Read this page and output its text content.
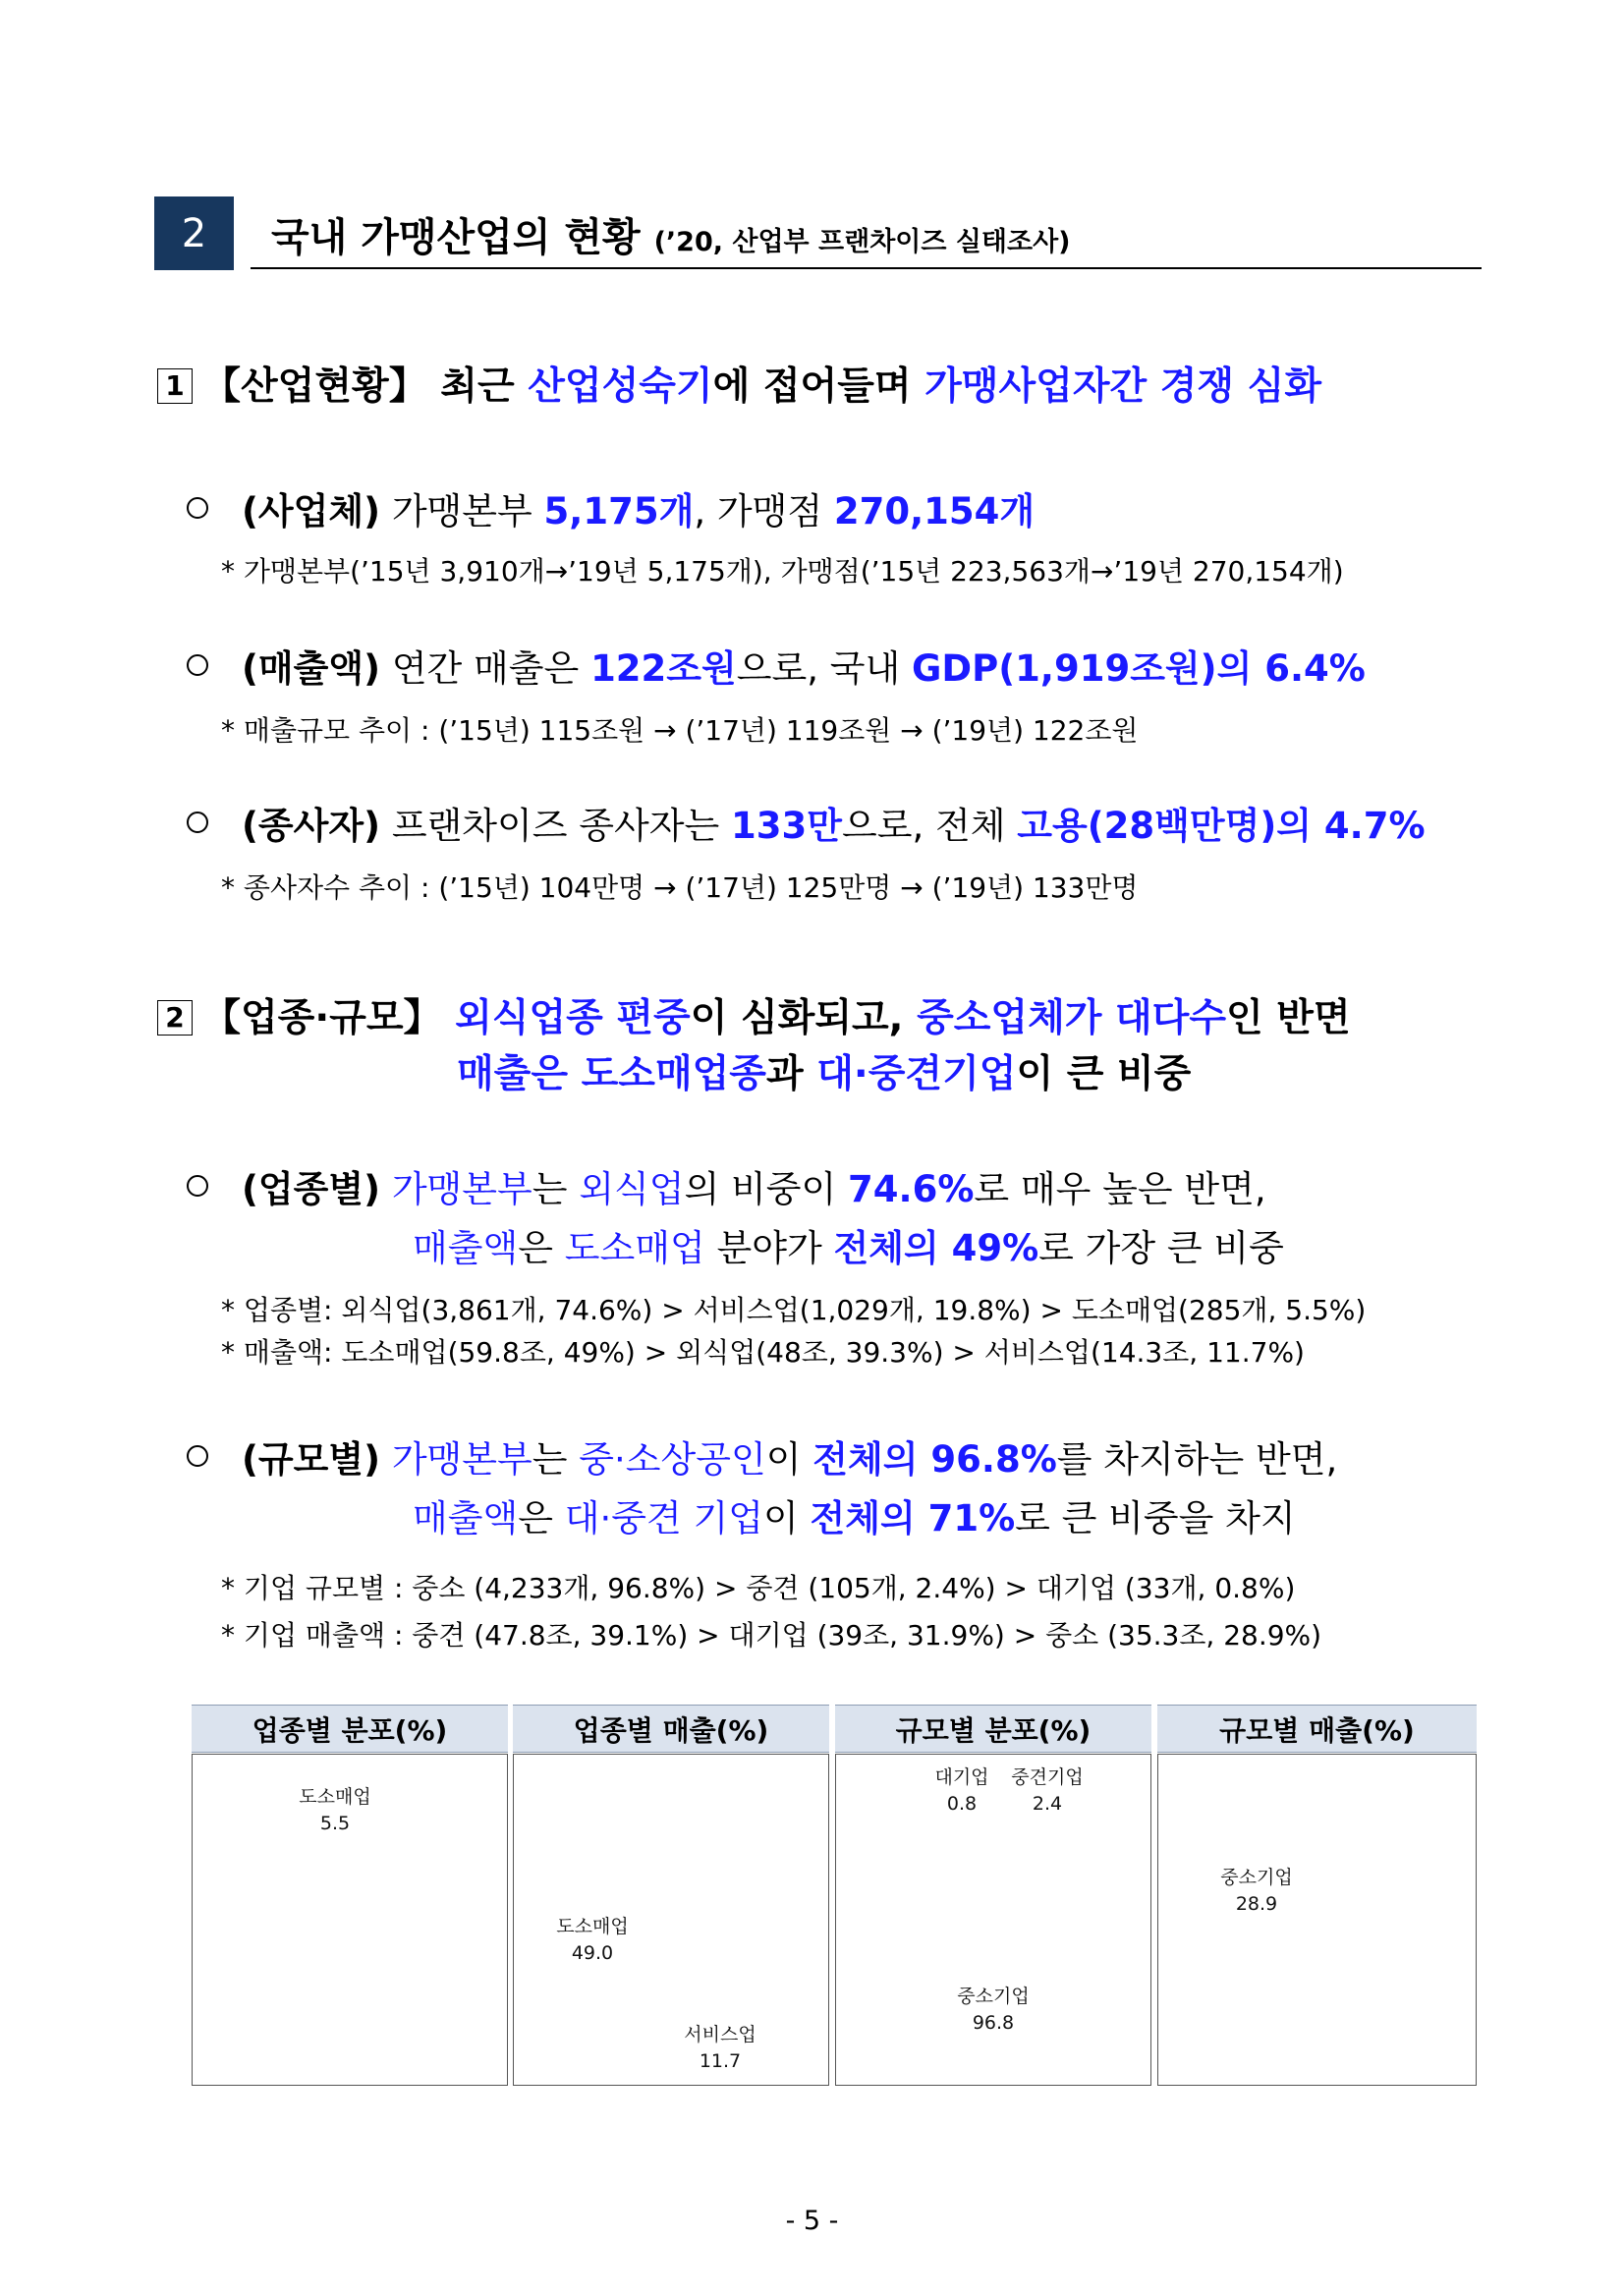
2 국내 가맹산업의 현황 (’20, 산업부 프랜차이즈 실태조사)
1 【산업현황】 최근 산업성숙기에 접어들며 가맹사업자간 경쟁 심화
(사업체) 가맹본부 5,175개, 가맹점 270,154개
* 가맹본부(’15년 3,910개→’19년 5,175개), 가맹점(’15년 223,563개→’19년 270,154개)
(매출액) 연간 매출은 122조원으로, 국내 GDP(1,919조원)의 6.4%
* 매출규모 추이 : (’15년) 115조원 → (’17년) 119조원 → (’19년) 122조원
(종사자) 프랜차이즈 종사자는 133만으로, 전체 고용(28백만명)의 4.7%
* 종사자수 추이 : (’15년) 104만명 → (’17년) 125만명 → (’19년) 133만명
2 【업종·규모】 외식업종 편중이 심화되고, 중소업체가 대다수인 반면
매출은 도소매업종과 대·중견기업이 큰 비중
(업종별) 가맹본부는 외식업의 비중이 74.6%로 매우 높은 반면,
매출액은 도소매업 분야가 전체의 49%로 가장 큰 비중
* 업종별: 외식업(3,861개, 74.6%) > 서비스업(1,029개, 19.8%) > 도소매업(285개, 5.5%)
* 매출액: 도소매업(59.8조, 49%) > 외식업(48조, 39.3%) > 서비스업(14.3조, 11.7%)
(규모별) 가맹본부는 중·소상공인이 전체의 96.8%를 차지하는 반면,
매출액은 대·중견 기업이 전체의 71%로 큰 비중을 차지
* 기업 규모별 : 중소 (4,233개, 96.8%) > 중견 (105개, 2.4%) > 대기업 (33개, 0.8%)
* 기업 매출액 : 중견 (47.8조, 39.1%) > 대기업 (39조, 31.9%) > 중소 (35.3조, 28.9%)
업종별 분포(%)	업종별 매출(%)	규모별 분포(%)	규모별 매출(%)
도소매업
5.5
도소매업
49.0
서비스업
11.7
대기업
0.8
중견기업
2.4
중소기업
96.8
중소기업
28.9
- 5 -
